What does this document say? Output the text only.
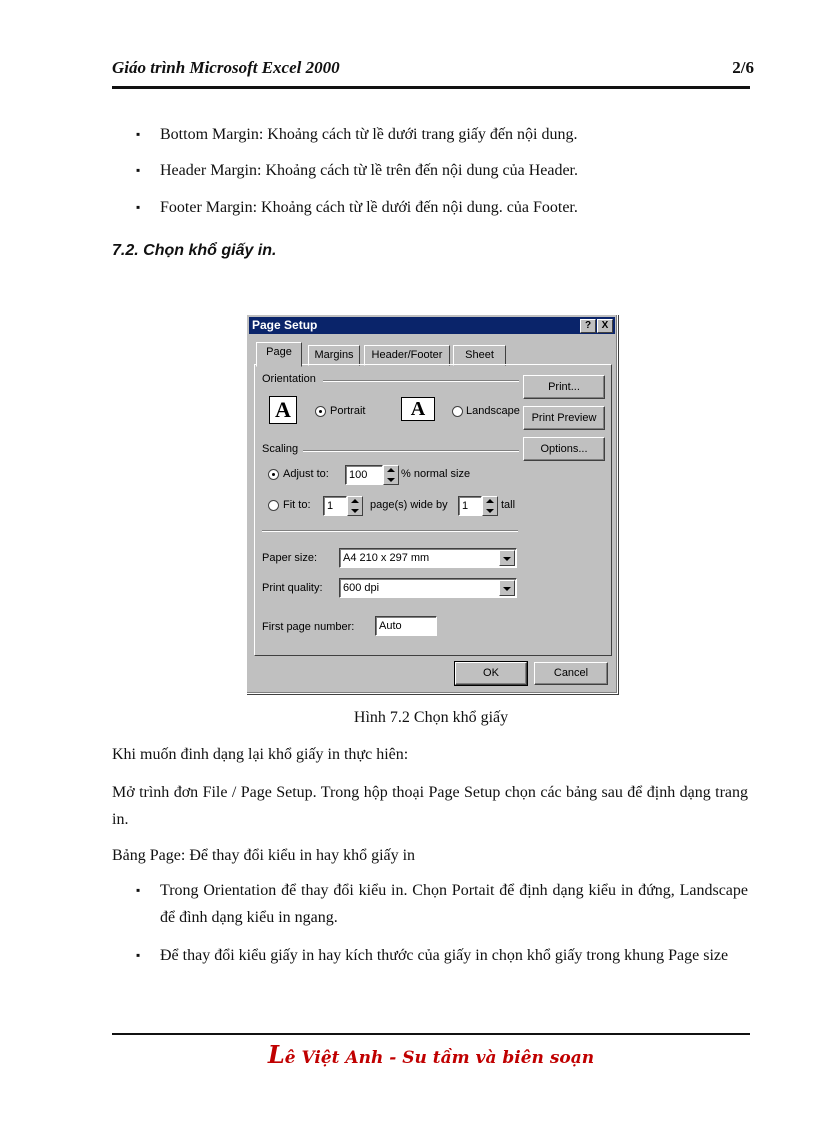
Giáo trình Microsoft Excel 2000	2/6
▪ Bottom Margin: Khoảng cách từ lề dưới trang giấy đến nội dung.
▪ Header Margin: Khoảng cách từ lề trên đến nội dung của Header.
▪ Footer Margin: Khoảng cách từ lề dưới đến nội dung. của Footer.
7.2. Chọn khổ giấy in.
Page Setup	?	X
Page	Margins	Header/Footer	Sheet
Orientation
A	Portrait	A	Landscape
Scaling
Adjust to:	100	% normal size
Fit to:	1	page(s) wide by	1	tall
Paper size:	A4 210 x 297 mm
Print quality:	600 dpi
First page number:	Auto
Print...
Print Preview
Options...
OK	Cancel
Hình 7.2 Chọn khổ giấy
Khi muốn đinh dạng lại khổ giấy in thực hiên:
Mở trình đơn File / Page Setup. Trong hộp thoại Page Setup chọn các bảng sau để định dạng trang in.
Bảng Page: Để thay đổi kiểu in hay khổ giấy in
▪ Trong Orientation để thay đổi kiểu in. Chọn Portait để định dạng kiểu in đứng, Landscape để đình dạng kiểu in ngang.
▪ Để thay đổi kiểu giấy in hay kích thước của giấy in chọn khổ giấy trong khung Page size
Lê Việt Anh - Su tầm và biên soạn
